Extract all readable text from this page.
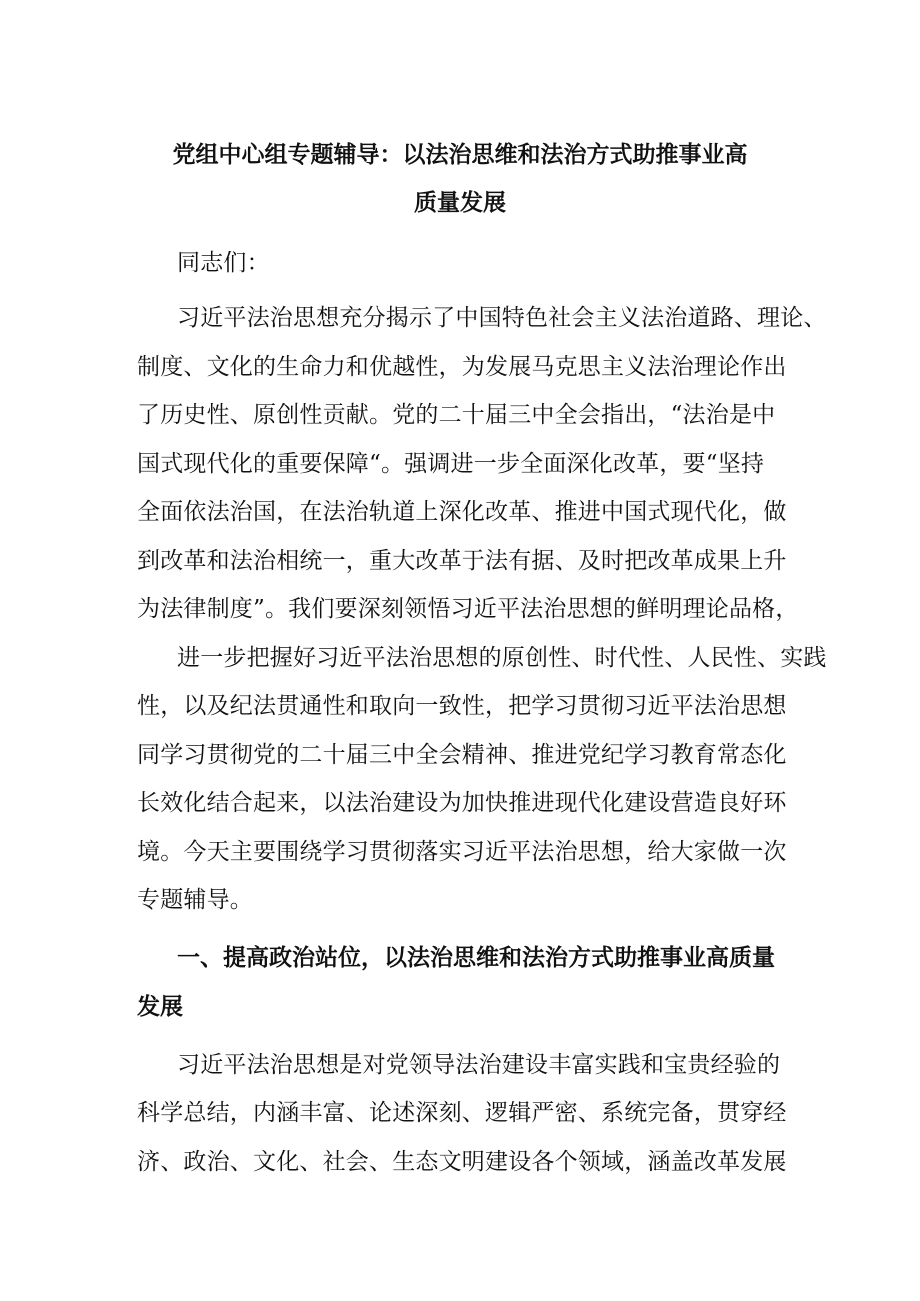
党组中心组专题辅导：以法治思维和法治方式助推事业高
质量发展
同志们：
习近平法治思想充分揭示了中国特色社会主义法治道路、理论、
制度、文化的生命力和优越性，为发展马克思主义法治理论作出
了历史性、原创性贡献。党的二十届三中全会指出，“法治是中
国式现代化的重要保障“。强调进一步全面深化改革，要“坚持
全面依法治国，在法治轨道上深化改革、推进中国式现代化，做
到改革和法治相统一，重大改革于法有据、及时把改革成果上升
为法律制度”。我们要深刻领悟习近平法治思想的鲜明理论品格，
进一步把握好习近平法治思想的原创性、时代性、人民性、实践
性，以及纪法贯通性和取向一致性，把学习贯彻习近平法治思想
同学习贯彻党的二十届三中全会精神、推进党纪学习教育常态化
长效化结合起来，以法治建设为加快推进现代化建设营造良好环
境。今天主要围绕学习贯彻落实习近平法治思想，给大家做一次
专题辅导。
一、提高政治站位，以法治思维和法治方式助推事业高质量
发展
习近平法治思想是对党领导法治建设丰富实践和宝贵经验的
科学总结，内涵丰富、论述深刻、逻辑严密、系统完备，贯穿经
济、政治、文化、社会、生态文明建设各个领域，涵盖改革发展
